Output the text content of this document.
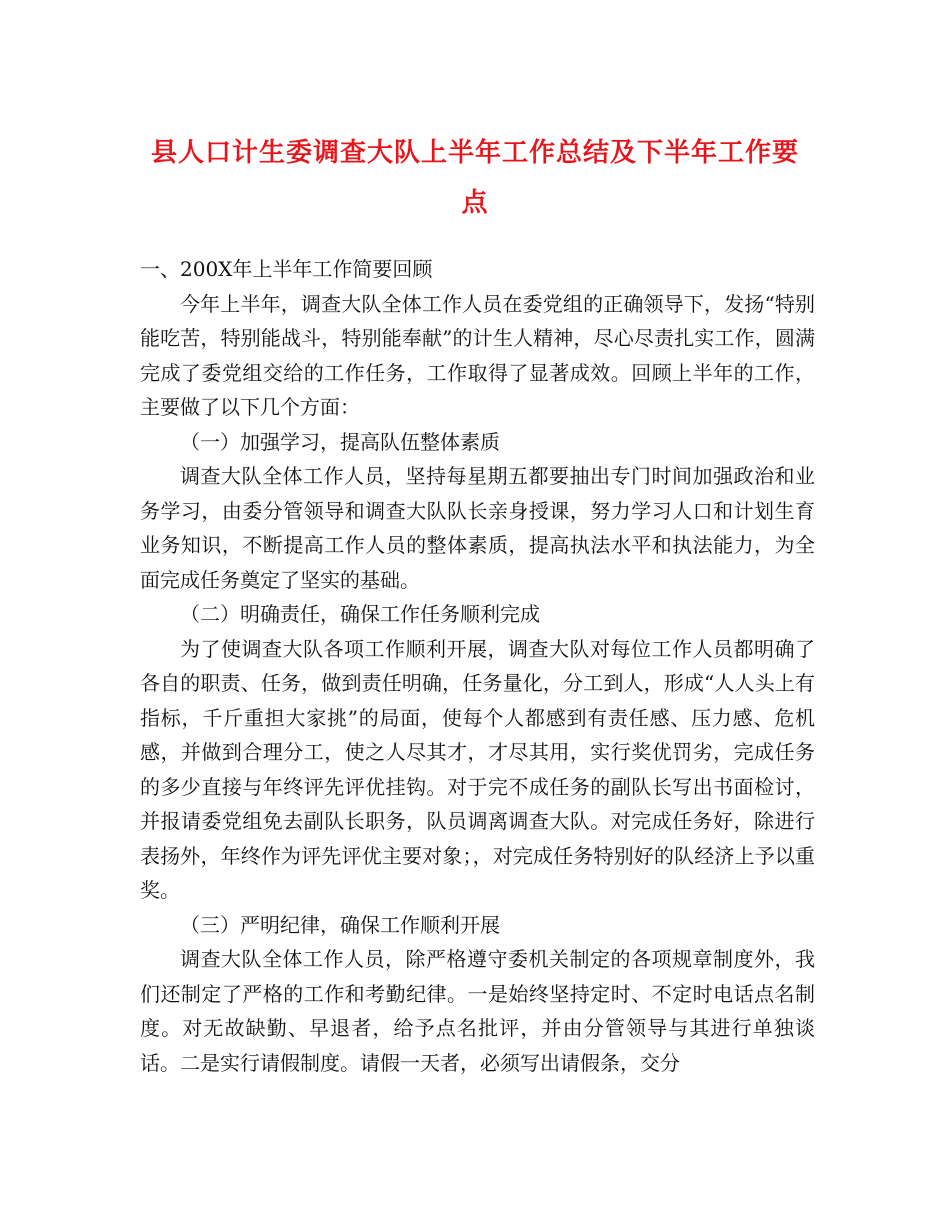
县人口计生委调查大队上半年工作总结及下半年工作要点

一、200X年上半年工作简要回顾

今年上半年，调查大队全体工作人员在委党组的正确领导下，发扬“特别能吃苦，特别能战斗，特别能奉献”的计生人精神，尽心尽责扎实工作，圆满完成了委党组交给的工作任务，工作取得了显著成效。回顾上半年的工作，主要做了以下几个方面：

（一）加强学习，提高队伍整体素质

调查大队全体工作人员，坚持每星期五都要抽出专门时间加强政治和业务学习，由委分管领导和调查大队队长亲身授课，努力学习人口和计划生育业务知识，不断提高工作人员的整体素质，提高执法水平和执法能力，为全面完成任务奠定了坚实的基础。

（二）明确责任，确保工作任务顺利完成

为了使调查大队各项工作顺利开展，调查大队对每位工作人员都明确了各自的职责、任务，做到责任明确，任务量化，分工到人，形成“人人头上有指标，千斤重担大家挑”的局面，使每个人都感到有责任感、压力感、危机感，并做到合理分工，使之人尽其才，才尽其用，实行奖优罚劣，完成任务的多少直接与年终评先评优挂钩。对于完不成任务的副队长写出书面检讨，并报请委党组免去副队长职务，队员调离调查大队。对完成任务好，除进行表扬外，年终作为评先评优主要对象；，对完成任务特别好的队经济上予以重奖。

（三）严明纪律，确保工作顺利开展

调查大队全体工作人员，除严格遵守委机关制定的各项规章制度外，我们还制定了严格的工作和考勤纪律。一是始终坚持定时、不定时电话点名制度。对无故缺勤、早退者，给予点名批评，并由分管领导与其进行单独谈话。二是实行请假制度。请假一天者，必须写出请假条，交分
